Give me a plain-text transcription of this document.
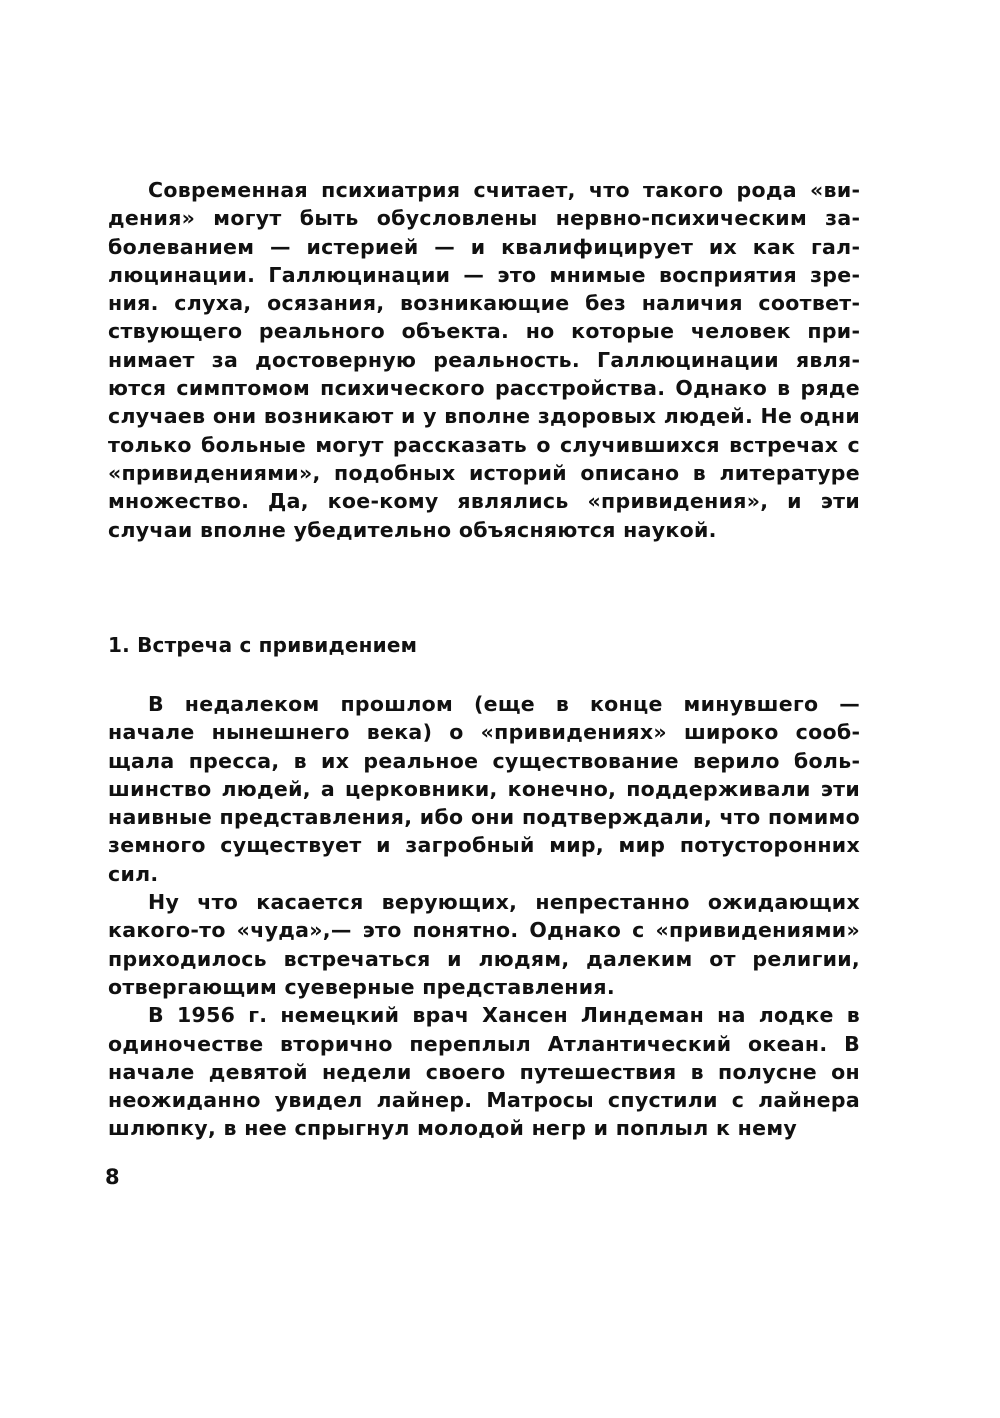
Современная психиатрия считает, что такого рода «видения» могут быть обусловлены нервно-психическим заболеванием — истерией — и квалифицирует их как галлюцинации. Галлюцинации — это мнимые восприятия зрения. слуха, осязания, возникающие без наличия соответствующего реального объекта. но которые человек принимает за достоверную реальность. Галлюцинации являются симптомом психического расстройства. Однако в ряде случаев они возникают и у вполне здоровых людей. Не одни только больные могут рассказать о случившихся встречах с «привидениями», подобных историй описано в литературе множество. Да, кое-кому являлись «привидения», и эти случаи вполне убедительно объясняются наукой.

1. Встреча с привидением

В недалеком прошлом (еще в конце минувшего — начале нынешнего века) о «привидениях» широко сообщала пресса, в их реальное существование верило большинство людей, а церковники, конечно, поддерживали эти наивные представления, ибо они подтверждали, что помимо земного существует и загробный мир, мир потусторонних сил.

Ну что касается верующих, непрестанно ожидающих какого-то «чуда»,— это понятно. Однако с «привидениями» приходилось встречаться и людям, далеким от религии, отвергающим суеверные представления.

В 1956 г. немецкий врач Хансен Линдеман на лодке в одиночестве вторично переплыл Атлантический океан. В начале девятой недели своего путешествия в полусне он неожиданно увидел лайнер. Матросы спустили с лайнера шлюпку, в нее спрыгнул молодой негр и поплыл к нему

8
